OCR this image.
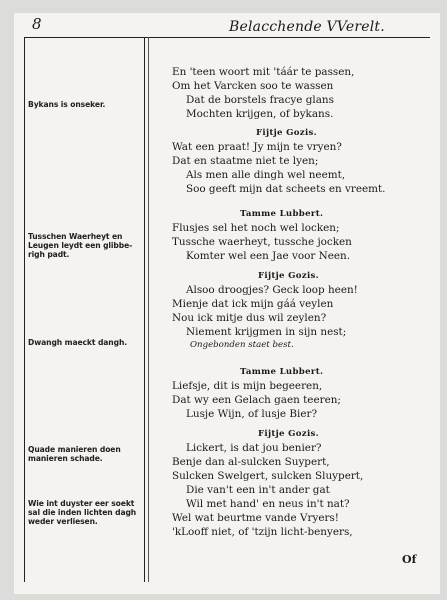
8	Belacchende VVerelt.
Bykans is onseker.
Tusschen Waerheyt en
Leugen leydt een glibbe-
righ padt.
Dwangh maeckt dangh.
Quade manieren doen
manieren schade.
Wie int duyster eer soekt
sal die inden lichten dagh
weder verliesen.
En 'teen woort mit 'táár te passen,
Om het Varcken soo te wassen
Dat de borstels fracye glans
Mochten krijgen, of bykans.
Fijtje Gozis.
Wat een praat! Jy mijn te vryen?
Dat en staatme niet te lyen;
Als men alle dingh wel neemt,
Soo geeft mijn dat scheets en vreemt.
Tamme Lubbert.
Flusjes sel het noch wel locken;
Tussche waerheyt, tussche jocken
Komter wel een Jae voor Neen.
Fijtje Gozis.
Alsoo droogjes? Geck loop heen!
Mienje dat ick mijn gáá veylen
Nou ick mitje dus wil zeylen?
Niement krijgmen in sijn nest;
Ongebonden staet best.
Tamme Lubbert.
Liefsje, dit is mijn begeeren,
Dat wy een Gelach gaen teeren;
Lusje Wijn, of lusje Bier?
Fijtje Gozis.
Lickert, is dat jou benier?
Benje dan al-sulcken Suypert,
Sulcken Swelgert, sulcken Sluypert,
Die van't een in't ander gat
Wil met hand' en neus in't nat?
Wel wat beurtme vande Vryers!
'kLooff niet, of 'tzijn licht-benyers,
Of
